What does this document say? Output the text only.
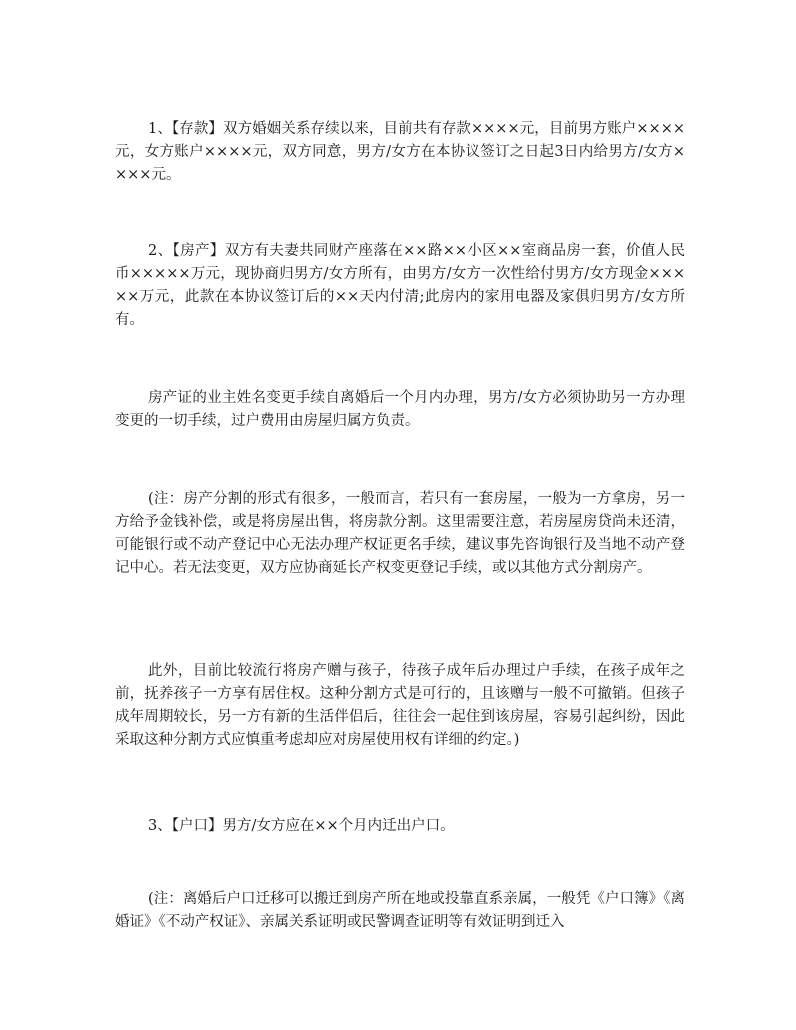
1、【存款】双方婚姻关系存续以来，目前共有存款××××元，目前男方账户××××元，女方账户××××元，双方同意，男方/女方在本协议签订之日起3日内给男方/女方××××元。

2、【房产】双方有夫妻共同财产座落在××路××小区××室商品房一套，价值人民币×××××万元，现协商归男方/女方所有，由男方/女方一次性给付男方/女方现金×××××万元，此款在本协议签订后的××天内付清;此房内的家用电器及家俱归男方/女方所有。

房产证的业主姓名变更手续自离婚后一个月内办理，男方/女方必须协助另一方办理变更的一切手续，过户费用由房屋归属方负责。

(注：房产分割的形式有很多，一般而言，若只有一套房屋，一般为一方拿房，另一方给予金钱补偿，或是将房屋出售，将房款分割。这里需要注意，若房屋房贷尚未还清，可能银行或不动产登记中心无法办理产权证更名手续，建议事先咨询银行及当地不动产登记中心。若无法变更，双方应协商延长产权变更登记手续，或以其他方式分割房产。

此外，目前比较流行将房产赠与孩子，待孩子成年后办理过户手续，在孩子成年之前，抚养孩子一方享有居住权。这种分割方式是可行的，且该赠与一般不可撤销。但孩子成年周期较长，另一方有新的生活伴侣后，往往会一起住到该房屋，容易引起纠纷，因此采取这种分割方式应慎重考虑却应对房屋使用权有详细的约定。)

3、【户口】男方/女方应在××个月内迁出户口。

(注：离婚后户口迁移可以搬迁到房产所在地或投靠直系亲属，一般凭《户口簿》《离婚证》《不动产权证》、亲属关系证明或民警调查证明等有效证明到迁入
